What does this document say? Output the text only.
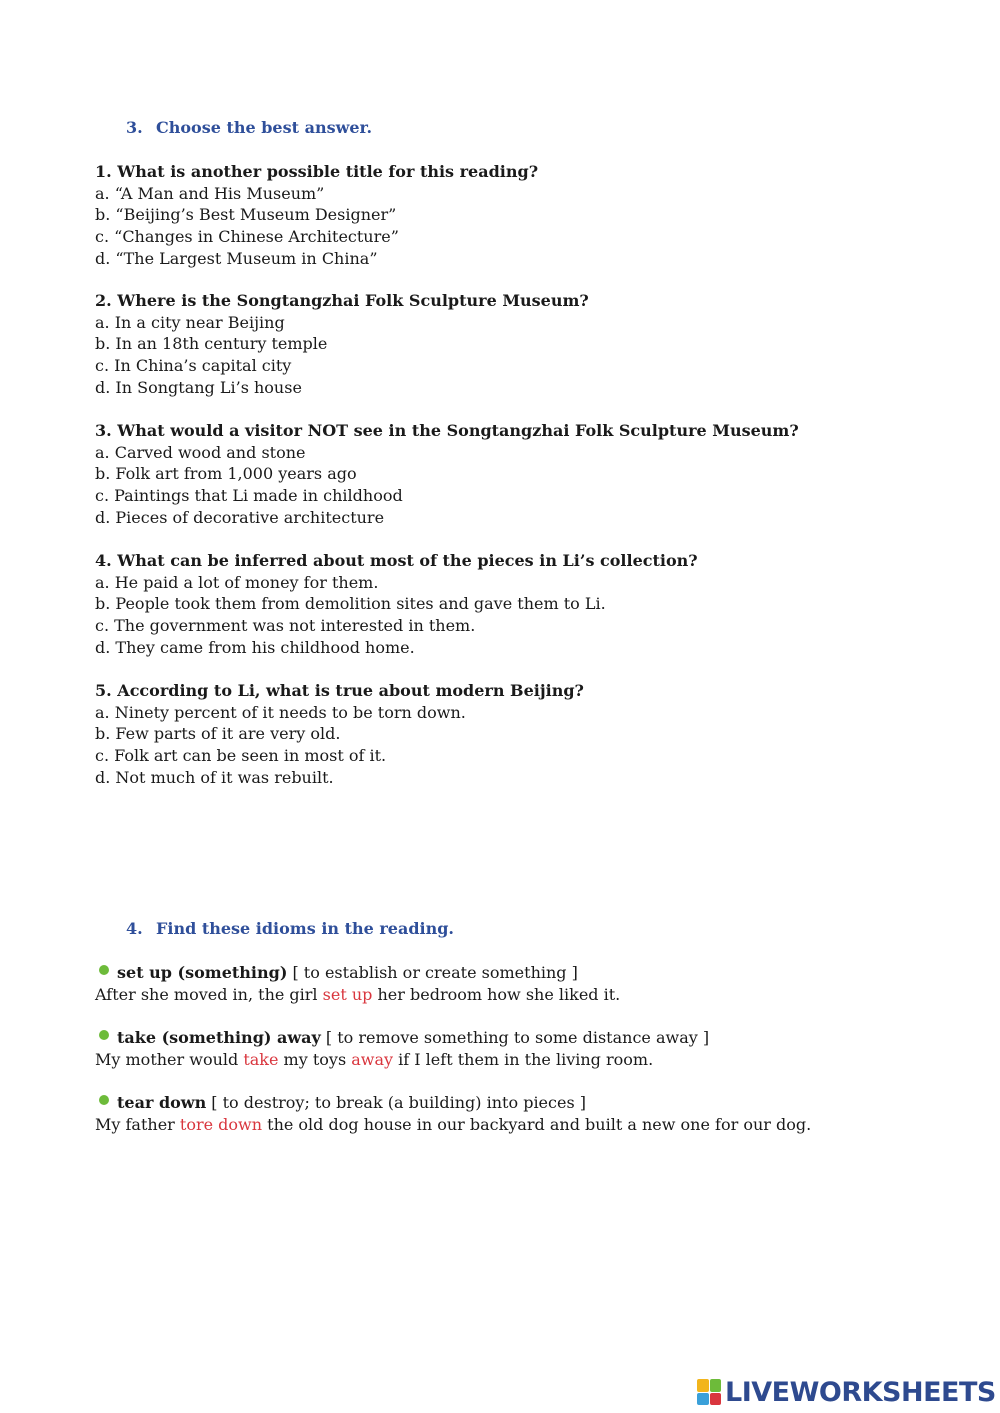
3. Choose the best answer.
1. What is another possible title for this reading?
a. “A Man and His Museum”
b. “Beijing’s Best Museum Designer”
c. “Changes in Chinese Architecture”
d. “The Largest Museum in China”
2. Where is the Songtangzhai Folk Sculpture Museum?
a. In a city near Beijing
b. In an 18th century temple
c. In China’s capital city
d. In Songtang Li’s house
3. What would a visitor NOT see in the Songtangzhai Folk Sculpture Museum?
a. Carved wood and stone
b. Folk art from 1,000 years ago
c. Paintings that Li made in childhood
d. Pieces of decorative architecture
4. What can be inferred about most of the pieces in Li’s collection?
a. He paid a lot of money for them.
b. People took them from demolition sites and gave them to Li.
c. The government was not interested in them.
d. They came from his childhood home.
5. According to Li, what is true about modern Beijing?
a. Ninety percent of it needs to be torn down.
b. Few parts of it are very old.
c. Folk art can be seen in most of it.
d. Not much of it was rebuilt.
4. Find these idioms in the reading.
set up (something) [ to establish or create something ]
After she moved in, the girl set up her bedroom how she liked it.
take (something) away [ to remove something to some distance away ]
My mother would take my toys away if I left them in the living room.
tear down [ to destroy; to break (a building) into pieces ]
My father tore down the old dog house in our backyard and built a new one for our dog.
LIVEWORKSHEETS
